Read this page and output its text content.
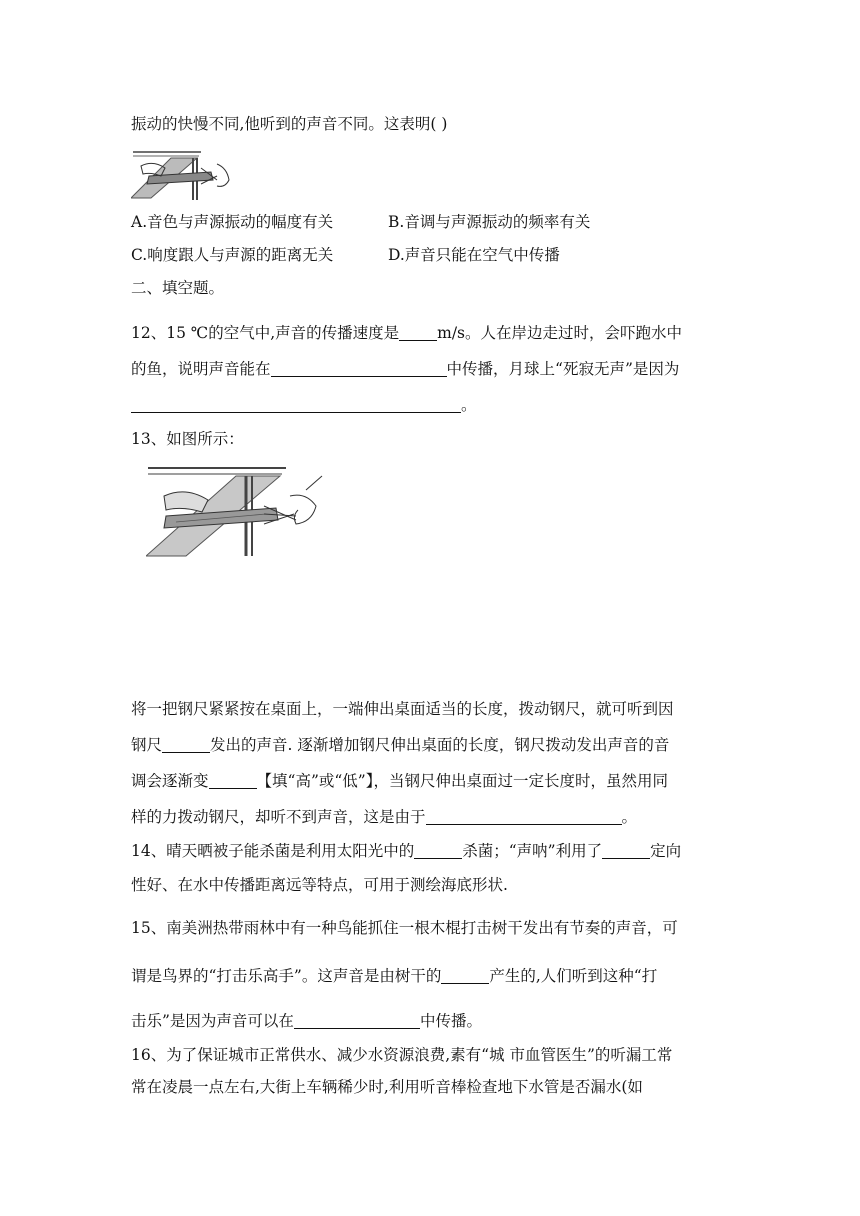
振动的快慢不同,他听到的声音不同。这表明( )
A.音色与声源振动的幅度有关	B.音调与声源振动的频率有关
C.响度跟人与声源的距离无关	D.声音只能在空气中传播
二、填空题。
12、15 ℃的空气中,声音的传播速度是 m/s。人在岸边走过时，会吓跑水中
的鱼，说明声音能在	中传播，月球上“死寂无声”是因为
。
13、如图所示：
将一把钢尺紧紧按在桌面上，一端伸出桌面适当的长度，拨动钢尺，就可听到因
钢尺	发出的声音. 逐渐增加钢尺伸出桌面的长度，钢尺拨动发出声音的音
调会逐渐变	【填“高”或“低”】，当钢尺伸出桌面过一定长度时，虽然用同
样的力拨动钢尺，却听不到声音，这是由于	。
14、晴天晒被子能杀菌是利用太阳光中的	杀菌；“声呐”利用了	定向
性好、在水中传播距离远等特点，可用于测绘海底形状.
15、南美洲热带雨林中有一种鸟能抓住一根木棍打击树干发出有节奏的声音，可
谓是鸟界的“打击乐高手”。这声音是由树干的	产生的,人们听到这种“打
击乐”是因为声音可以在	中传播。
16、为了保证城市正常供水、减少水资源浪费,素有“城 市血管医生”的听漏工常
常在凌晨一点左右,大街上车辆稀少时,利用听音棒检查地下水管是否漏水(如
